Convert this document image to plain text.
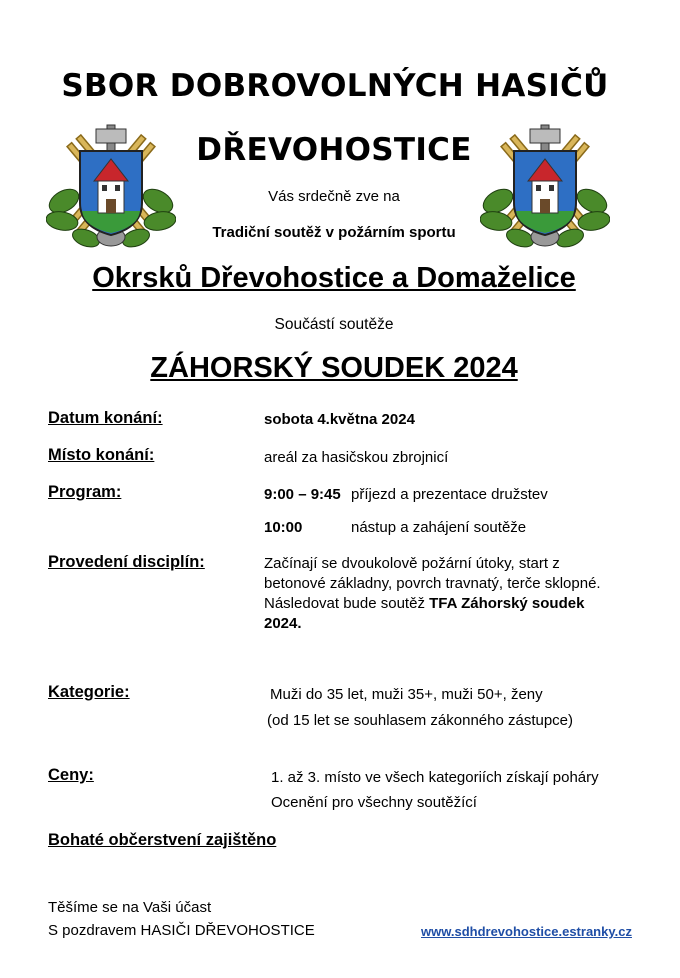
SBOR DOBROVOLNÝCH HASIČŮ
DŘEVOHOSTICE
Vás srdečně zve na
Tradiční soutěž v požárním sportu
Okrsků Dřevohostice a Domaželice
Součástí soutěže
ZÁHORSKÝ SOUDEK 2024
Datum konání:	sobota 4.května 2024
Místo konání:	areál za hasičskou zbrojnicí
Program:	9:00 – 9:45 příjezd a prezentace družstev
10:00	nástup a zahájení soutěže
Provedení disciplín:	Začínají se dvoukolově požární útoky, start z betonové základny, povrch travnatý, terče sklopné. Následovat bude soutěž TFA Záhorský soudek 2024.
Kategorie:	Muži do 35 let, muži 35+, muži 50+, ženy
(od 15 let se souhlasem zákonného zástupce)
Ceny:	1. až 3. místo ve všech kategoriích získají poháry
Ocenění pro všechny soutěžící
Bohaté občerstvení zajištěno
Těšíme se na Vaši účast
S pozdravem HASIČI DŘEVOHOSTICE	www.sdhdrevohostice.estranky.cz
